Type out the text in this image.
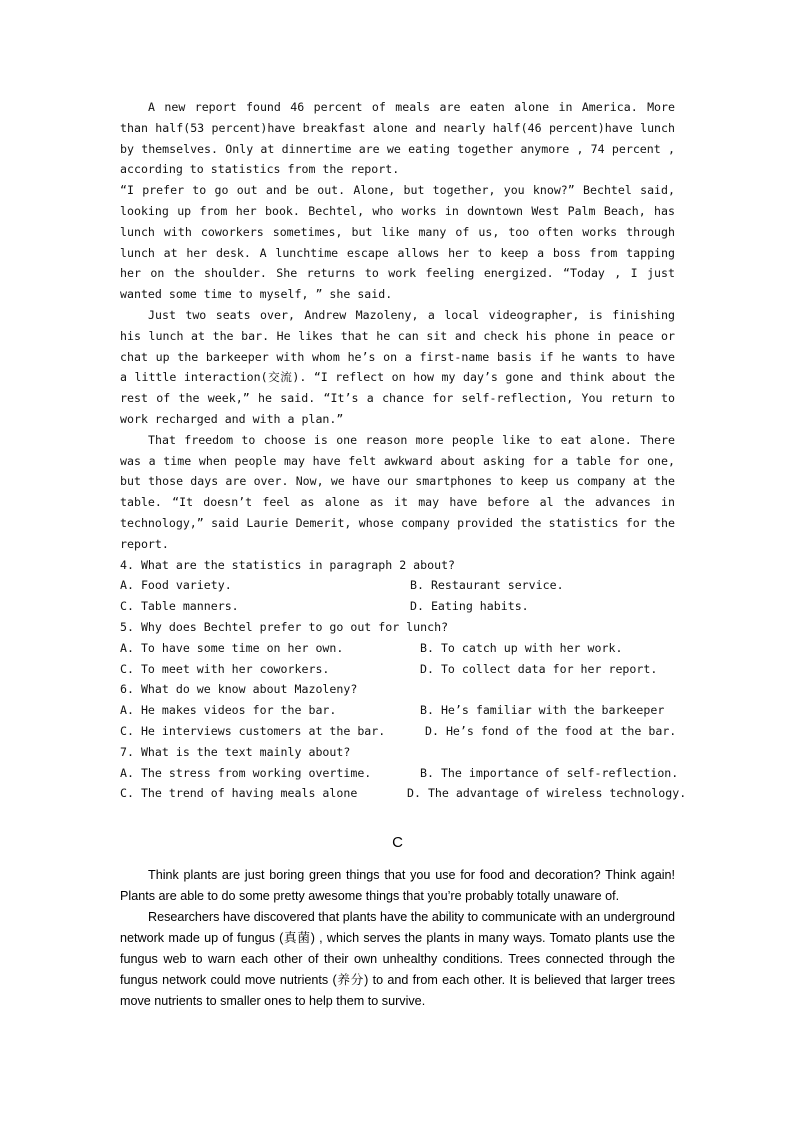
A new report found 46 percent of meals are eaten alone in America. More than half(53 percent)have breakfast alone and nearly half(46 percent)have lunch by themselves. Only at dinnertime are we eating together anymore , 74 percent , according to statistics from the report.

“I prefer to go out and be out. Alone, but together, you know?” Bechtel said, looking up from her book. Bechtel, who works in downtown West Palm Beach, has lunch with coworkers sometimes, but like many of us, too often works through lunch at her desk. A lunchtime escape allows her to keep a boss from tapping her on the shoulder. She returns to work feeling energized. “Today , I just wanted some time to myself, ” she said.

Just two seats over, Andrew Mazoleny, a local videographer, is finishing his lunch at the bar. He likes that he can sit and check his phone in peace or chat up the barkeeper with whom he’s on a first-name basis if he wants to have a little interaction(交流). “I reflect on how my day’s gone and think about the rest of the week,” he said. “It’s a chance for self-reflection, You return to work recharged and with a plan.”

That freedom to choose is one reason more people like to eat alone. There was a time when people may have felt awkward about asking for a table for one, but those days are over. Now, we have our smartphones to keep us company at the table. “It doesn’t feel as alone as it may have before al the advances in technology,” said Laurie Demerit, whose company provided the statistics for the report.

4. What are the statistics in paragraph 2 about?
A. Food variety.	B. Restaurant service.
C. Table manners.	D. Eating habits.
5. Why does Bechtel prefer to go out for lunch?
A. To have some time on her own.	B. To catch up with her work.
C. To meet with her coworkers.	D. To collect data for her report.
6. What do we know about Mazoleny?
A. He makes videos for the bar.	B. He’s familiar with the barkeeper
C. He interviews customers at the bar.	D. He’s fond of the food at the bar.
7. What is the text mainly about?
A. The stress from working overtime.	B. The importance of self-reflection.
C. The trend of having meals alone	D. The advantage of wireless technology.
C

Think plants are just boring green things that you use for food and decoration? Think again! Plants are able to do some pretty awesome things that you’re probably totally unaware of.

Researchers have discovered that plants have the ability to communicate with an underground network made up of fungus (真菌) , which serves the plants in many ways. Tomato plants use the fungus web to warn each other of their own unhealthy conditions. Trees connected through the fungus network could move nutrients (养分) to and from each other. It is believed that larger trees move nutrients to smaller ones to help them to survive.
